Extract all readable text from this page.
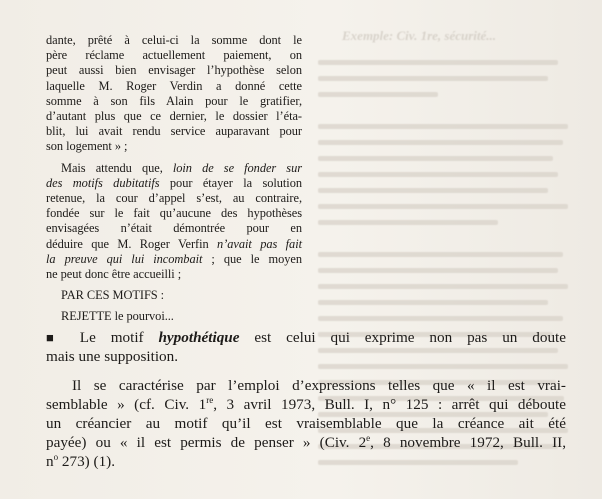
Exemple: Civ. 1re, sécurité...

dante, prêté à celui-ci la somme dont le
père réclame actuellement paiement, on
peut aussi bien envisager l’hypothèse selon
laquelle M. Roger Verdin a donné cette
somme à son fils Alain pour le gratifier,
d’autant plus que ce dernier, le dossier l’éta-
blit, lui avait rendu service auparavant pour
son logement » ;

Mais attendu que, loin de se fonder sur
des motifs dubitatifs pour étayer la solution
retenue, la cour d’appel s’est, au contraire,
fondée sur le fait qu’aucune des hypothèses
envisagées n’était démontrée pour en
déduire que M. Roger Verfin n’avait pas fait
la preuve qui lui incombait ; que le moyen
ne peut donc être accueilli ;

PAR CES MOTIFS :

REJETTE le pourvoi...

■ Le motif hypothétique est celui qui exprime non pas un doute
mais une supposition.
Il se caractérise par l’emploi d’expressions telles que « il est vrai-
semblable » (cf. Civ. 1re, 3 avril 1973, Bull. I, n° 125 : arrêt qui déboute
un créancier au motif qu’il est vraisemblable que la créance ait été
payée) ou « il est permis de penser » (Civ. 2e, 8 novembre 1972, Bull. II,
$n^o$ 273) (1).
